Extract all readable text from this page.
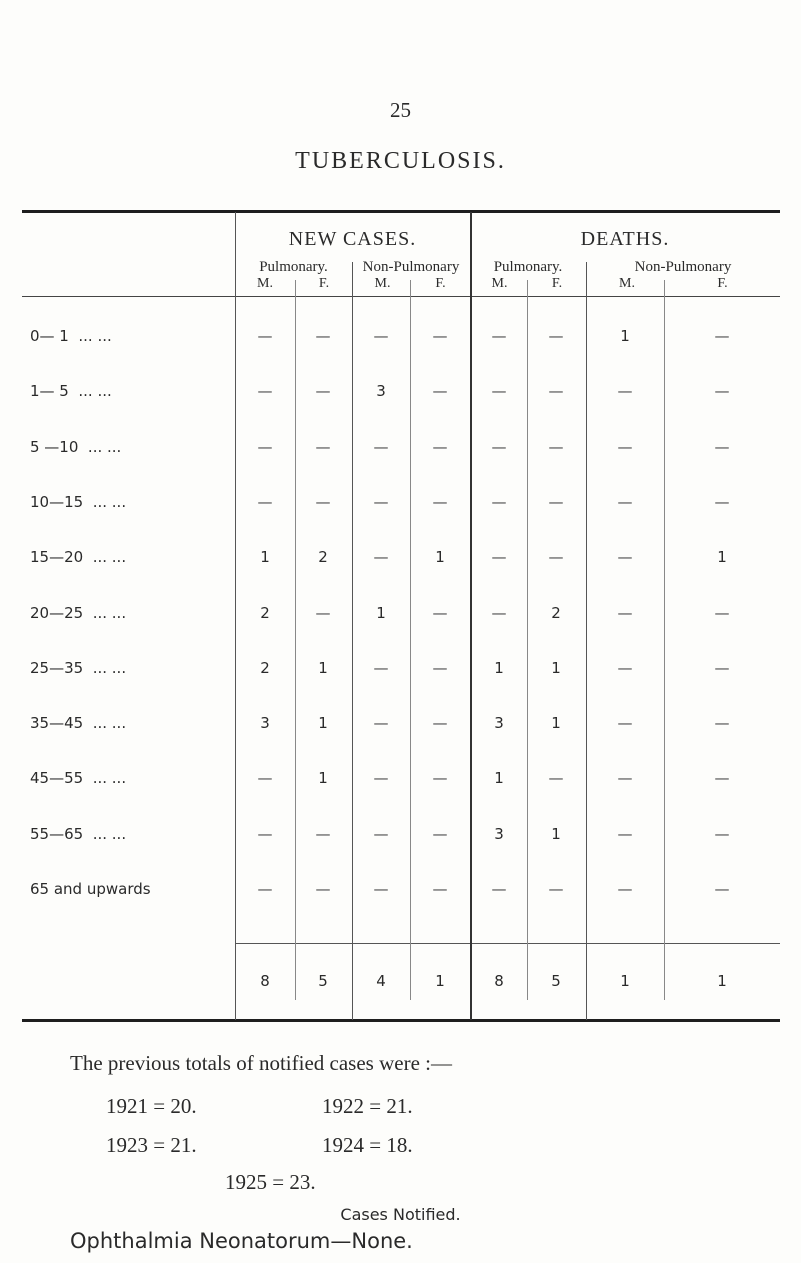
25
TUBERCULOSIS.
NEW CASES.	DEATHS.
Pulmonary.	Non-Pulmonary	Pulmonary.	Non-Pulmonary
M.	F.	M.	F.	M.	F.	M.	F.
0— 1  ... ...	—	—	—	—	—	—	1	—
1— 5  ... ...	—	—	3	—	—	—	—	—
5 —10  ... ...	—	—	—	—	—	—	—	—
10—15  ... ...	—	—	—	—	—	—	—	—
15—20  ... ...	1	2	—	1	—	—	—	1
20—25  ... ...	2	—	1	—	—	2	—	—
25—35  ... ...	2	1	—	—	1	1	—	—
35—45  ... ...	3	1	—	—	3	1	—	—
45—55  ... ...	—	1	—	—	1	—	—	—
55—65  ... ...	—	—	—	—	3	1	—	—
65 and upwards	—	—	—	—	—	—	—	—
8	5	4	1	8	5	1	1
The previous totals of notified cases were :—
1921 = 20.	1922 = 21.
1923 = 21.	1924 = 18.
1925 = 23.
Cases Notified.
Ophthalmia Neonatorum—None.
